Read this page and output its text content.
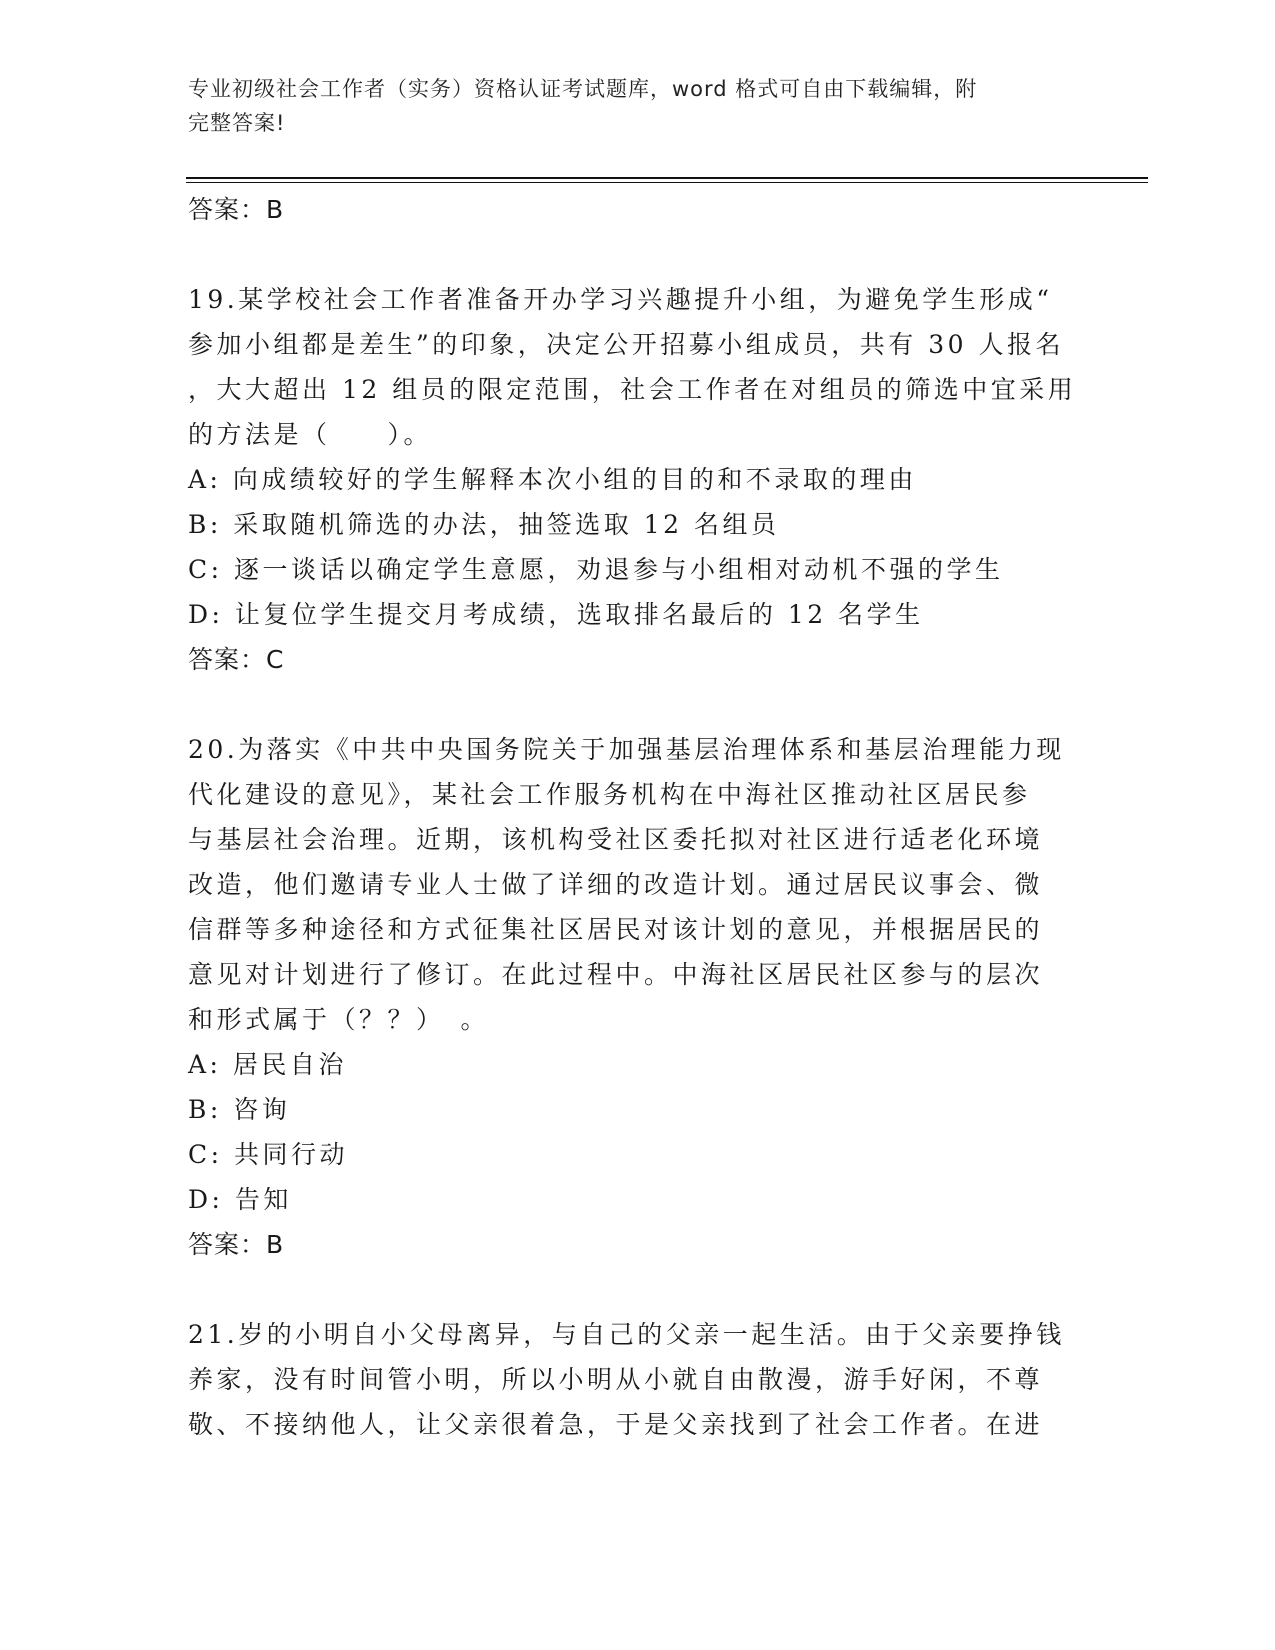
专业初级社会工作者（实务）资格认证考试题库，word 格式可自由下载编辑，附
完整答案!
答案：B
19.某学校社会工作者准备开办学习兴趣提升小组，为避免学生形成“
参加小组都是差生”的印象，决定公开招募小组成员，共有 30 人报名
，大大超出 12 组员的限定范围，社会工作者在对组员的筛选中宜采用
的方法是（　　）。
A: 向成绩较好的学生解释本次小组的目的和不录取的理由
B: 采取随机筛选的办法，抽签选取 12 名组员
C: 逐一谈话以确定学生意愿，劝退参与小组相对动机不强的学生
D: 让复位学生提交月考成绩，选取排名最后的 12 名学生
答案：C
20.为落实《中共中央国务院关于加强基层治理体系和基层治理能力现
代化建设的意见》，某社会工作服务机构在中海社区推动社区居民参
与基层社会治理。近期，该机构受社区委托拟对社区进行适老化环境
改造，他们邀请专业人士做了详细的改造计划。通过居民议事会、微
信群等多种途径和方式征集社区居民对该计划的意见，并根据居民的
意见对计划进行了修订。在此过程中。中海社区居民社区参与的层次
和形式属于（？？）　。
A: 居民自治
B: 咨询
C: 共同行动
D: 告知
答案：B
21.岁的小明自小父母离异，与自己的父亲一起生活。由于父亲要挣钱
养家，没有时间管小明，所以小明从小就自由散漫，游手好闲，不尊
敬、不接纳他人，让父亲很着急，于是父亲找到了社会工作者。在进
